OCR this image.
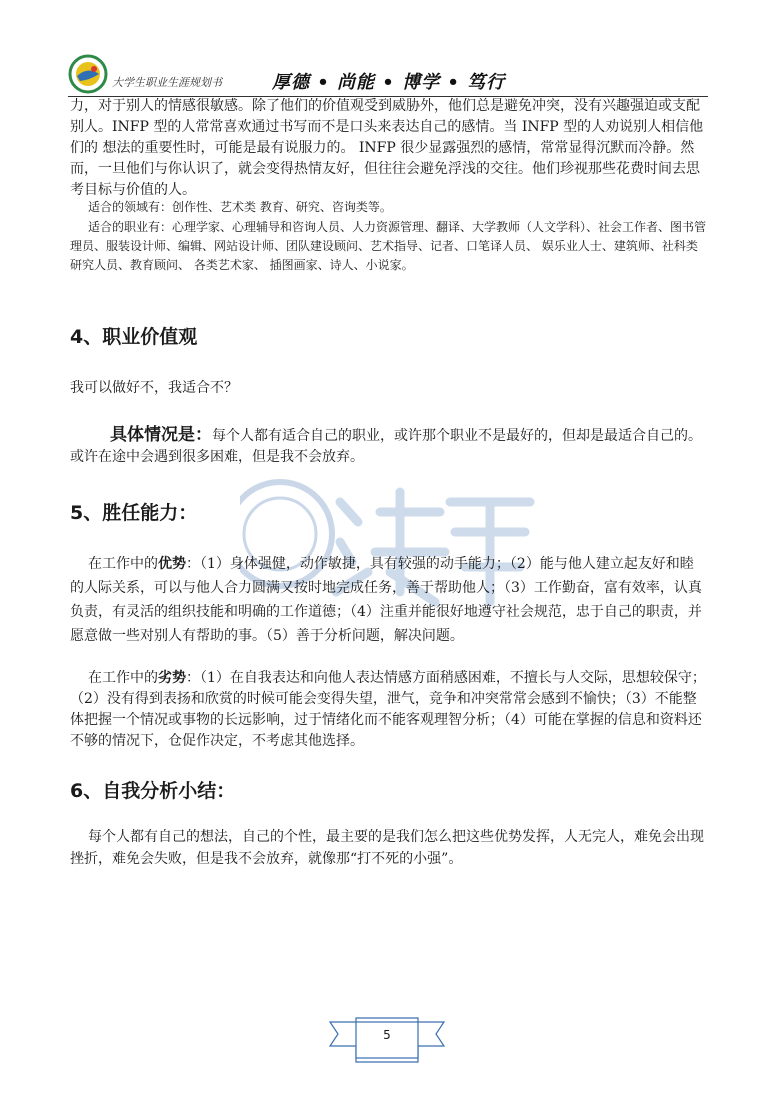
大学生职业生涯规划书	厚德 • 尚能 • 博学 • 笃行
力，对于别人的情感很敏感。除了他们的价值观受到威胁外，他们总是避免冲突，没有兴趣强迫或支配别人。INFP 型的人常常喜欢通过书写而不是口头来表达自己的感情。当 INFP 型的人劝说别人相信他们的 想法的重要性时，可能是最有说服力的。 INFP 很少显露强烈的感情，常常显得沉默而冷静。然而，一旦他们与你认识了，就会变得热情友好，但往往会避免浮浅的交往。他们珍视那些花费时间去思考目标与价值的人。
适合的领域有：创作性、艺术类 教育、研究、咨询类等。
适合的职业有：心理学家、心理辅导和咨询人员、人力资源管理、翻译、大学教师（人文学科）、社会工作者、图书管理员、服装设计师、编辑、网站设计师、团队建设顾问、艺术指导、记者、口笔译人员、 娱乐业人士、建筑师、社科类研究人员、教育顾问、 各类艺术家、 插图画家、诗人、小说家。
4、职业价值观
我可以做好不，我适合不？
具体情况是：每个人都有适合自己的职业，或许那个职业不是最好的，但却是最适合自己的。或许在途中会遇到很多困难，但是我不会放弃。
5、胜任能力：
在工作中的优势：（1）身体强健，动作敏捷，具有较强的动手能力；（2）能与他人建立起友好和睦的人际关系，可以与他人合力圆满又按时地完成任务，善于帮助他人；（3）工作勤奋，富有效率，认真负责，有灵活的组织技能和明确的工作道德；（4）注重并能很好地遵守社会规范，忠于自己的职责，并愿意做一些对别人有帮助的事。（5）善于分析问题，解决问题。
在工作中的劣势：（1）在自我表达和向他人表达情感方面稍感困难，不擅长与人交际，思想较保守；（2）没有得到表扬和欣赏的时候可能会变得失望，泄气，竞争和冲突常常会感到不愉快；（3）不能整体把握一个情况或事物的长远影响，过于情绪化而不能客观理智分析；（4）可能在掌握的信息和资料还不够的情况下，仓促作决定，不考虑其他选择。
6、自我分析小结：
每个人都有自己的想法，自己的个性，最主要的是我们怎么把这些优势发挥，人无完人，难免会出现挫折，难免会失败，但是我不会放弃，就像那“打不死的小强”。
5
